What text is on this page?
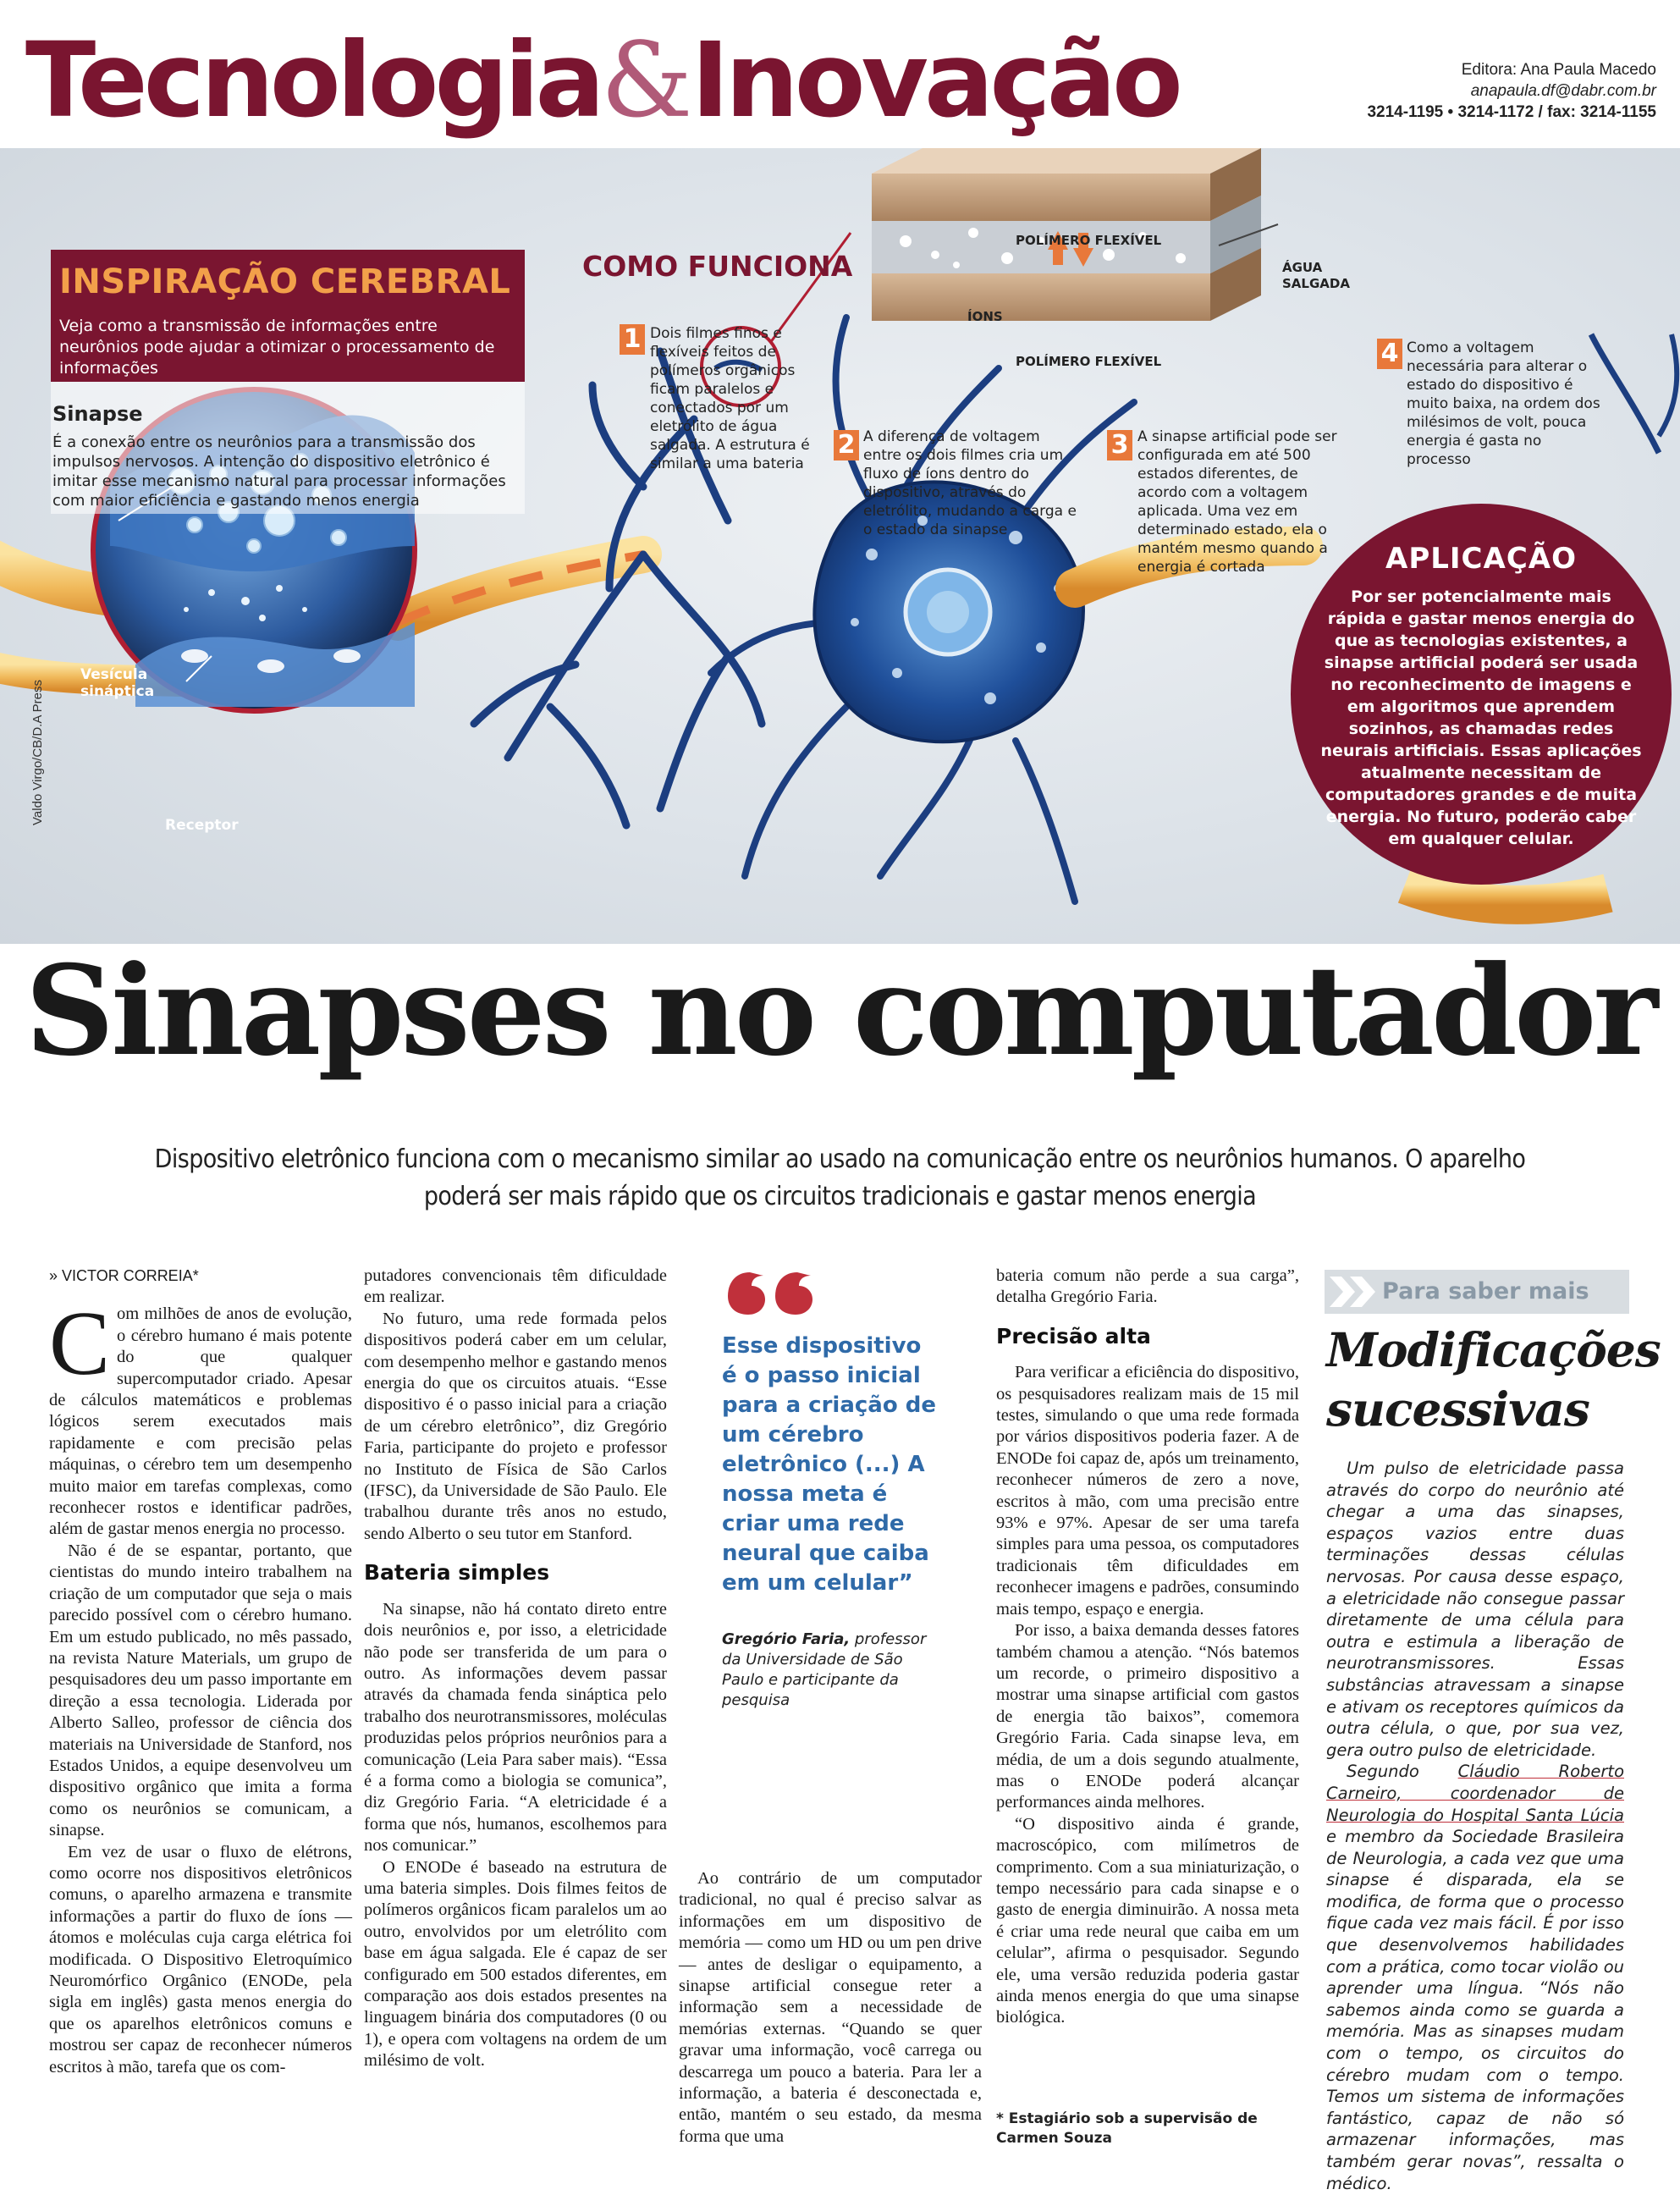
Tecnologia&Inovação	Editora: Ana Paula Macedo
anapaula.df@dabr.com.br
3214-1195 • 3214-1172 / fax: 3214-1155
INSPIRAÇÃO CEREBRAL
Veja como a transmissão de informações entre neurônios pode ajudar a otimizar o processamento de informações
Sinapse
É a conexão entre os neurônios para a transmissão dos impulsos nervosos. A intenção do dispositivo eletrônico é imitar esse mecanismo natural para processar informações com maior eficiência e gastando menos energia
Vesícula sináptica
Receptor
Valdo Virgo/CB/D.A Press
COMO FUNCIONA
POLÍMERO FLEXÍVEL
ÍONS
POLÍMERO FLEXÍVEL
ÁGUA SALGADA
1 Dois filmes finos e flexíveis feitos de polímeros orgânicos ficam paralelos e conectados por um eletrólito de água salgada. A estrutura é similar a uma bateria
2 A diferença de voltagem entre os dois filmes cria um fluxo de íons dentro do dispositivo, através do eletrólito, mudando a carga e o estado da sinapse
3 A sinapse artificial pode ser configurada em até 500 estados diferentes, de acordo com a voltagem aplicada. Uma vez em determinado estado, ela o mantém mesmo quando a energia é cortada
4 Como a voltagem necessária para alterar o estado do dispositivo é muito baixa, na ordem dos milésimos de volt, pouca energia é gasta no processo
APLICAÇÃO
Por ser potencialmente mais rápida e gastar menos energia do que as tecnologias existentes, a sinapse artificial poderá ser usada no reconhecimento de imagens e em algoritmos que aprendem sozinhos, as chamadas redes neurais artificiais. Essas aplicações atualmente necessitam de computadores grandes e de muita energia. No futuro, poderão caber em qualquer celular.
Sinapses no computador
Dispositivo eletrônico funciona com o mecanismo similar ao usado na comunicação entre os neurônios humanos. O aparelho poderá ser mais rápido que os circuitos tradicionais e gastar menos energia
» VICTOR CORREIA*

Com milhões de anos de evolução, o cérebro humano é mais potente do que qualquer supercomputador criado. Apesar de cálculos matemáticos e problemas lógicos serem executados mais rapidamente e com precisão pelas máquinas, o cérebro tem um desempenho muito maior em tarefas complexas, como reconhecer rostos e identificar padrões, além de gastar menos energia no processo.

Não é de se espantar, portanto, que cientistas do mundo inteiro trabalhem na criação de um computador que seja o mais parecido possível com o cérebro humano. Em um estudo publicado, no mês passado, na revista Nature Materials, um grupo de pesquisadores deu um passo importante em direção a essa tecnologia. Liderada por Alberto Salleo, professor de ciência dos materiais na Universidade de Stanford, nos Estados Unidos, a equipe desenvolveu um dispositivo orgânico que imita a forma como os neurônios se comunicam, a sinapse.

Em vez de usar o fluxo de elétrons, como ocorre nos dispositivos eletrônicos comuns, o aparelho armazena e transmite informações a partir do fluxo de íons — átomos e moléculas cuja carga elétrica foi modificada. O Dispositivo Eletroquímico Neuromórfico Orgânico (ENODe, pela sigla em inglês) gasta menos energia do que os aparelhos eletrônicos comuns e mostrou ser capaz de reconhecer números escritos à mão, tarefa que os com-

putadores convencionais têm dificuldade em realizar.

No futuro, uma rede formada pelos dispositivos poderá caber em um celular, com desempenho melhor e gastando menos energia do que os circuitos atuais. “Esse dispositivo é o passo inicial para a criação de um cérebro eletrônico”, diz Gregório Faria, participante do projeto e professor no Instituto de Física de São Carlos (IFSC), da Universidade de São Paulo. Ele trabalhou durante três anos no estudo, sendo Alberto o seu tutor em Stanford.

Bateria simples

Na sinapse, não há contato direto entre dois neurônios e, por isso, a eletricidade não pode ser transferida de um para o outro. As informações devem passar através da chamada fenda sináptica pelo trabalho dos neurotransmissores, moléculas produzidas pelos próprios neurônios para a comunicação (Leia Para saber mais). “Essa é a forma como a biologia se comunica”, diz Gregório Faria. “A eletricidade é a forma que nós, humanos, escolhemos para nos comunicar.”

O ENODe é baseado na estrutura de uma bateria simples. Dois filmes feitos de polímeros orgânicos ficam paralelos um ao outro, envolvidos por um eletrólito com base em água salgada. Ele é capaz de ser configurado em 500 estados diferentes, em comparação aos dois estados presentes na linguagem binária dos computadores (0 ou 1), e opera com voltagens na ordem de um milésimo de volt.

Esse dispositivo é o passo inicial para a criação de um cérebro eletrônico (...) A nossa meta é criar uma rede neural que caiba em um celular”
Gregório Faria, professor da Universidade de São Paulo e participante da pesquisa

Ao contrário de um computador tradicional, no qual é preciso salvar as informações em um dispositivo de memória — como um HD ou um pen drive — antes de desligar o equipamento, a sinapse artificial consegue reter a informação sem a necessidade de memórias externas. “Quando se quer gravar uma informação, você carrega ou descarrega um pouco a bateria. Para ler a informação, a bateria é desconectada e, então, mantém o seu estado, da mesma forma que uma

bateria comum não perde a sua carga”, detalha Gregório Faria.

Precisão alta

Para verificar a eficiência do dispositivo, os pesquisadores realizam mais de 15 mil testes, simulando o que uma rede formada por vários dispositivos poderia fazer. A de ENODe foi capaz de, após um treinamento, reconhecer números de zero a nove, escritos à mão, com uma precisão entre 93% e 97%. Apesar de ser uma tarefa simples para uma pessoa, os computadores tradicionais têm dificuldades em reconhecer imagens e padrões, consumindo mais tempo, espaço e energia.

Por isso, a baixa demanda desses fatores também chamou a atenção. “Nós batemos um recorde, o primeiro dispositivo a mostrar uma sinapse artificial com gastos de energia tão baixos”, comemora Gregório Faria. Cada sinapse leva, em média, de um a dois segundo atualmente, mas o ENODe poderá alcançar performances ainda melhores.

“O dispositivo ainda é grande, macroscópico, com milímetros de comprimento. Com a sua miniaturização, o tempo necessário para cada sinapse e o gasto de energia diminuirão. A nossa meta é criar uma rede neural que caiba em um celular”, afirma o pesquisador. Segundo ele, uma versão reduzida poderia gastar ainda menos energia do que uma sinapse biológica.

* Estagiário sob a supervisão de Carmen Souza
Para saber mais
Modificações sucessivas

Um pulso de eletricidade passa através do corpo do neurônio até chegar a uma das sinapses, espaços vazios entre duas terminações dessas células nervosas. Por causa desse espaço, a eletricidade não consegue passar diretamente de uma célula para outra e estimula a liberação de neurotransmissores. Essas substâncias atravessam a sinapse e ativam os receptores químicos da outra célula, o que, por sua vez, gera outro pulso de eletricidade.

Segundo Cláudio Roberto Carneiro, coordenador de Neurologia do Hospital Santa Lúcia e membro da Sociedade Brasileira de Neurologia, a cada vez que uma sinapse é disparada, ela se modifica, de forma que o processo fique cada vez mais fácil. É por isso que desenvolvemos habilidades com a prática, como tocar violão ou aprender uma língua. “Nós não sabemos ainda como se guarda a memória. Mas as sinapses mudam com o tempo, os circuitos do cérebro mudam com o tempo. Temos um sistema de informações fantástico, capaz de não só armazenar informações, mas também gerar novas”, ressalta o médico.
